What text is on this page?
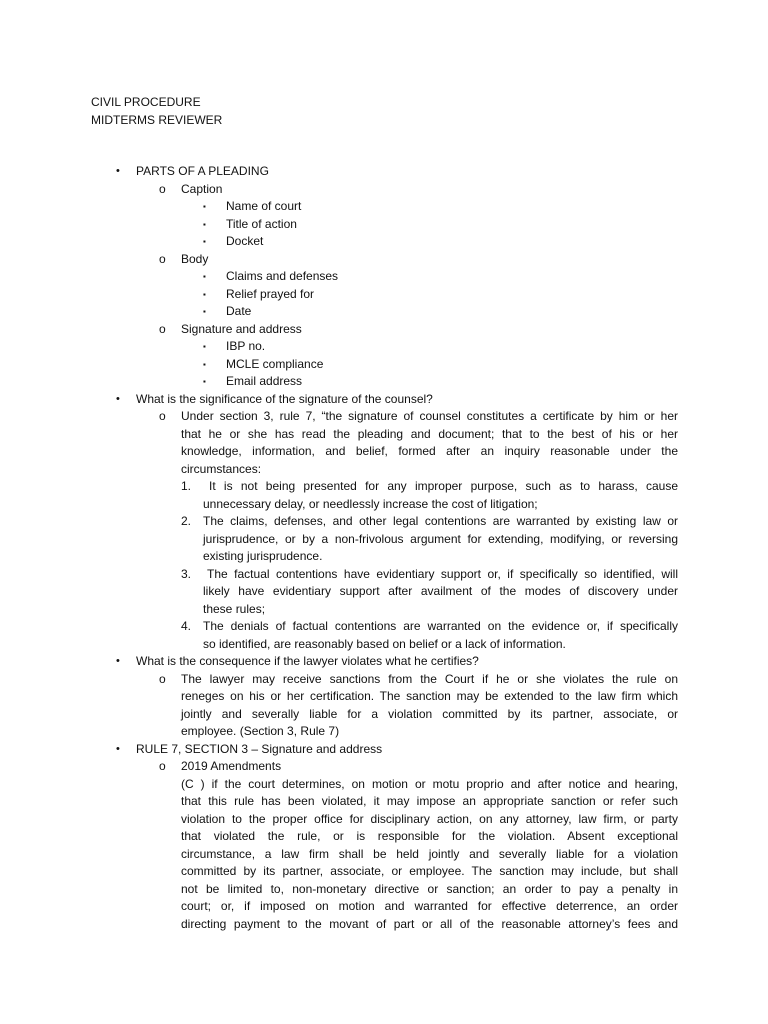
CIVIL PROCEDURE
MIDTERMS REVIEWER
• PARTS OF A PLEADING
o Caption
▪ Name of court
▪ Title of action
▪ Docket
o Body
▪ Claims and defenses
▪ Relief prayed for
▪ Date
o Signature and address
▪ IBP no.
▪ MCLE compliance
▪ Email address
• What is the significance of the signature of the counsel?
o Under section 3, rule 7, “the signature of counsel constitutes a certificate by him or her
that he or she has read the pleading and document; that to the best of his or her
knowledge, information, and belief, formed after an inquiry reasonable under the
circumstances:
1.	It is not being presented for any improper purpose, such as to harass, cause
unnecessary delay, or needlessly increase the cost of litigation;
2. The claims, defenses, and other legal contentions are warranted by existing law or
jurisprudence, or by a non-frivolous argument for extending, modifying, or reversing
existing jurisprudence.
3.	The factual contentions have evidentiary support or, if specifically so identified, will
likely have evidentiary support after availment of the modes of discovery under
these rules;
4. The denials of factual contentions are warranted on the evidence or, if specifically
so identified, are reasonably based on belief or a lack of information.
• What is the consequence if the lawyer violates what he certifies?
o The lawyer may receive sanctions from the Court if he or she violates the rule on
reneges on his or her certification. The sanction may be extended to the law firm which
jointly and severally liable for a violation committed by its partner, associate, or
employee. (Section 3, Rule 7)
• RULE 7, SECTION 3 – Signature and address
o 2019 Amendments
(C ) if the court determines, on motion or motu proprio and after notice and hearing,
that this rule has been violated, it may impose an appropriate sanction or refer such
violation to the proper office for disciplinary action, on any attorney, law firm, or party
that violated the rule, or is responsible for the violation. Absent exceptional
circumstance, a law firm shall be held jointly and severally liable for a violation
committed by its partner, associate, or employee. The sanction may include, but shall
not be limited to, non-monetary directive or sanction; an order to pay a penalty in
court; or, if imposed on motion and warranted for effective deterrence, an order
directing payment to the movant of part or all of the reasonable attorney’s fees and
